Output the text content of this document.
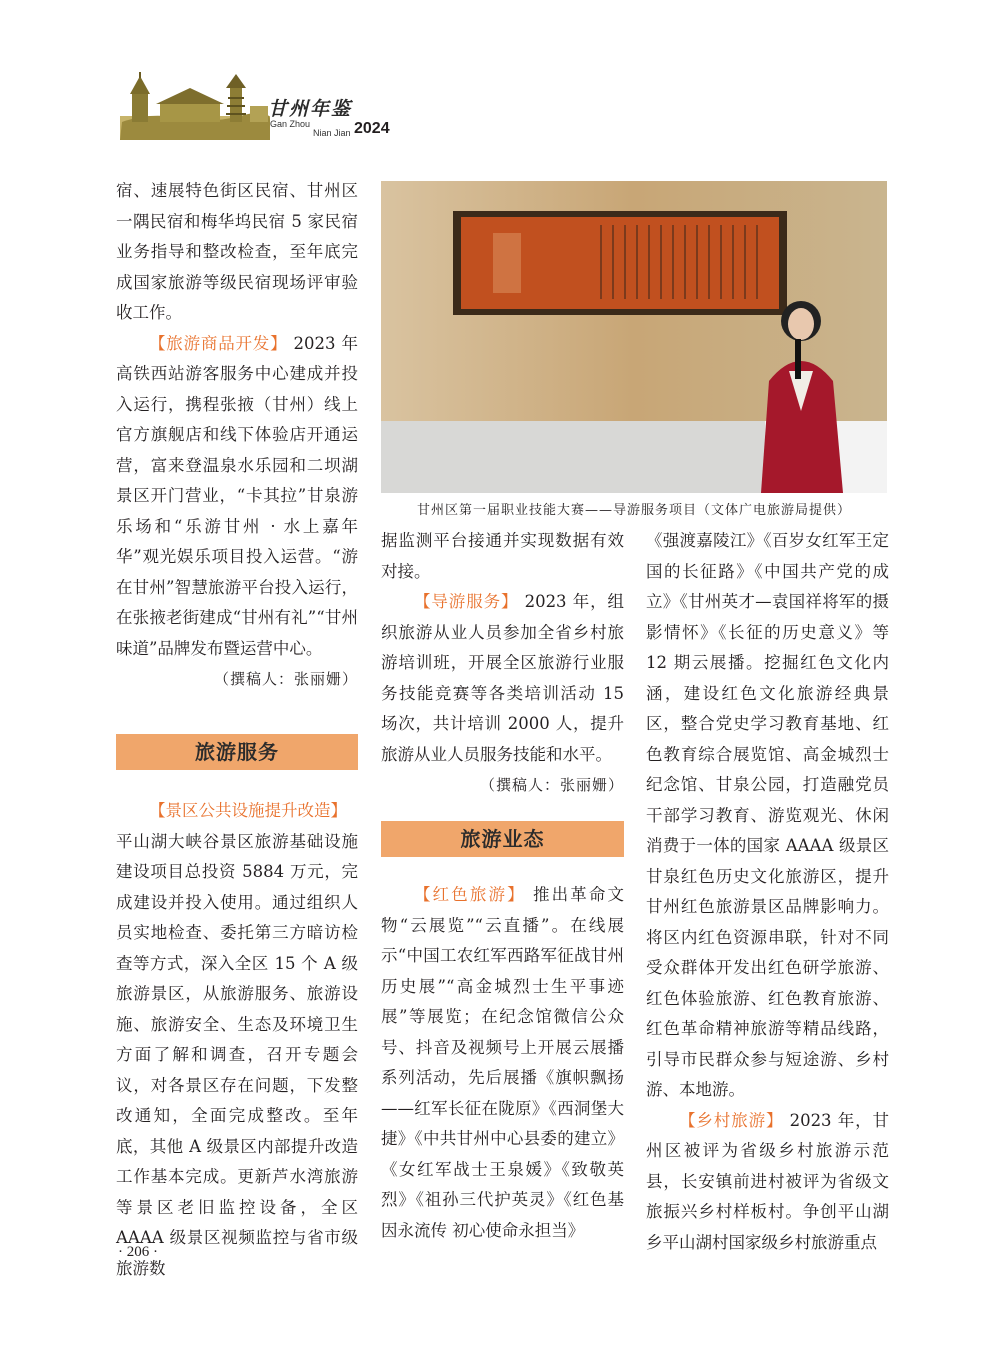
甘州年鉴
Gan Zhou
Nian Jian 2024

宿、速展特色街区民宿、甘州区一隅民宿和梅华坞民宿 5 家民宿业务指导和整改检查，至年底完成国家旅游等级民宿现场评审验收工作。

【旅游商品开发】 2023 年高铁西站游客服务中心建成并投入运行，携程张掖（甘州）线上官方旗舰店和线下体验店开通运营，富来登温泉水乐园和二坝湖景区开门营业，“卡其拉”甘泉游乐场和“乐游甘州 · 水上嘉年华”观光娱乐项目投入运营。“游在甘州”智慧旅游平台投入运行，在张掖老街建成“甘州有礼”“甘州味道”品牌发布暨运营中心。

（撰稿人：张丽姗）

旅游服务

【景区公共设施提升改造】

平山湖大峡谷景区旅游基础设施建设项目总投资 5884 万元，完成建设并投入使用。通过组织人员实地检查、委托第三方暗访检查等方式，深入全区 15 个 A 级旅游景区，从旅游服务、旅游设施、旅游安全、生态及环境卫生方面了解和调查，召开专题会议，对各景区存在问题，下发整改通知，全面完成整改。至年底，其他 A 级景区内部提升改造工作基本完成。更新芦水湾旅游等景区老旧监控设备，全区 AAAA 级景区视频监控与省市级旅游数

甘州区第一届职业技能大赛——导游服务项目（文体广电旅游局提供）

据监测平台接通并实现数据有效对接。

【导游服务】 2023 年，组织旅游从业人员参加全省乡村旅游培训班，开展全区旅游行业服务技能竞赛等各类培训活动 15 场次，共计培训 2000 人，提升旅游从业人员服务技能和水平。

（撰稿人：张丽姗）

旅游业态

【红色旅游】 推出革命文物“云展览”“云直播”。在线展示“中国工农红军西路军征战甘州历史展”“高金城烈士生平事迹展”等展览；在纪念馆微信公众号、抖音及视频号上开展云展播系列活动，先后展播《旗帜飘扬——红军长征在陇原》《西洞堡大捷》《中共甘州中心县委的建立》《女红军战士王泉媛》《致敬英烈》《祖孙三代护英灵》《红色基因永流传 初心使命永担当》

《强渡嘉陵江》《百岁女红军王定国的长征路》《中国共产党的成立》《甘州英才—袁国祥将军的摄影情怀》《长征的历史意义》等 12 期云展播。挖掘红色文化内涵，建设红色文化旅游经典景区，整合党史学习教育基地、红色教育综合展览馆、高金城烈士纪念馆、甘泉公园，打造融党员干部学习教育、游览观光、休闲消费于一体的国家 AAAA 级景区甘泉红色历史文化旅游区，提升甘州红色旅游景区品牌影响力。将区内红色资源串联，针对不同受众群体开发出红色研学旅游、红色体验旅游、红色教育旅游、红色革命精神旅游等精品线路，引导市民群众参与短途游、乡村游、本地游。

【乡村旅游】 2023 年，甘州区被评为省级乡村旅游示范县，长安镇前进村被评为省级文旅振兴乡村样板村。争创平山湖乡平山湖村国家级乡村旅游重点

· 206 ·
